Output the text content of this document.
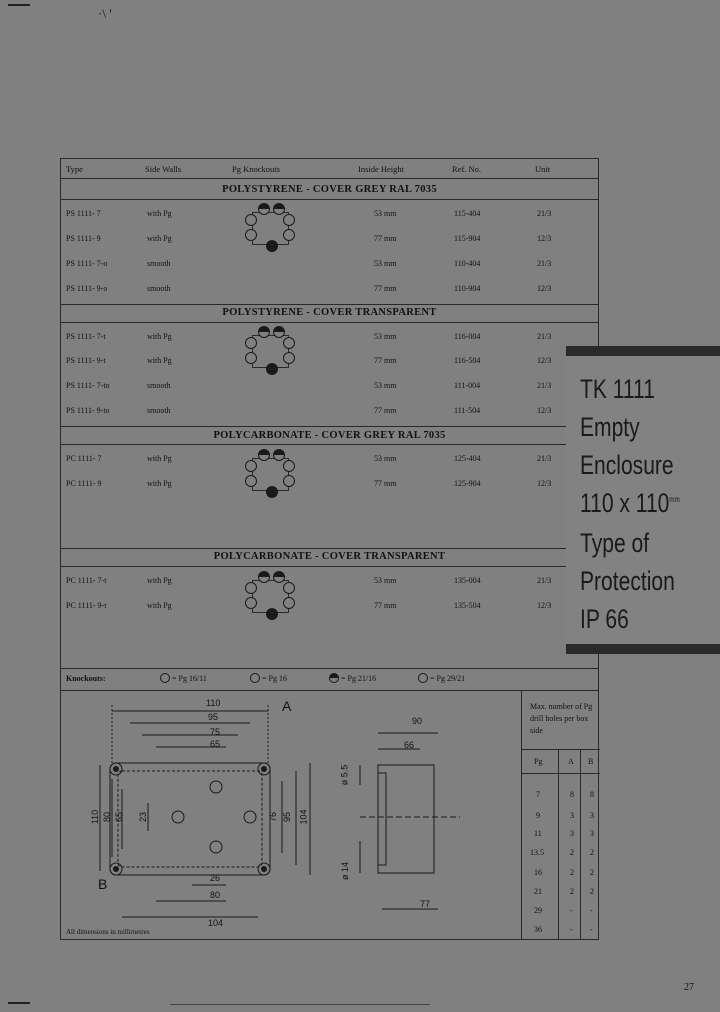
·\ '
Type	Side Walls	Pg Knockouts	Inside Height	Ref. No.	Unit
POLYSTYRENE - COVER GREY RAL 7035
PS 1111- 7	with Pg	53 mm	115-404	21/3
PS 1111- 9	with Pg	77 mm	115-904	12/3
PS 1111- 7-o	smooth	53 mm	110-404	21/3
PS 1111- 9-o	smooth	77 mm	110-904	12/3
POLYSTYRENE - COVER TRANSPARENT
PS 1111- 7-t	with Pg	53 mm	116-004	21/3
PS 1111- 9-t	with Pg	77 mm	116-504	12/3
PS 1111- 7-to	smooth	53 mm	111-004	21/3
PS 1111- 9-to	smooth	77 mm	111-504	12/3
POLYCARBONATE - COVER GREY RAL 7035
PC 1111- 7	with Pg	53 mm	125-404	21/3
PC 1111- 9	with Pg	77 mm	125-904	12/3
POLYCARBONATE - COVER TRANSPARENT
PC 1111- 7-t	with Pg	53 mm	135-004	21/3
PC 1111- 9-t	with Pg	77 mm	135-504	12/3
Knockouts:	= Pg 16/11	= Pg 16	= Pg 21/16	= Pg 29/21
TK 1111
Empty
Enclosure
110 x $110^{mm}$
Type of
Protection
IP 66
A
B
110
95
75
65
110 80 65 23	76 95 104
26
80
104
90
66
ø 5.5
ø 14
77
Max. number of Pg drill holes per box side
Pg	A B
7	8 8
9	3 3
11	3 3
13.5	2 2
16	2 2
21	2 2
29	- -
36	- -
All dimensions in millimetres
27
